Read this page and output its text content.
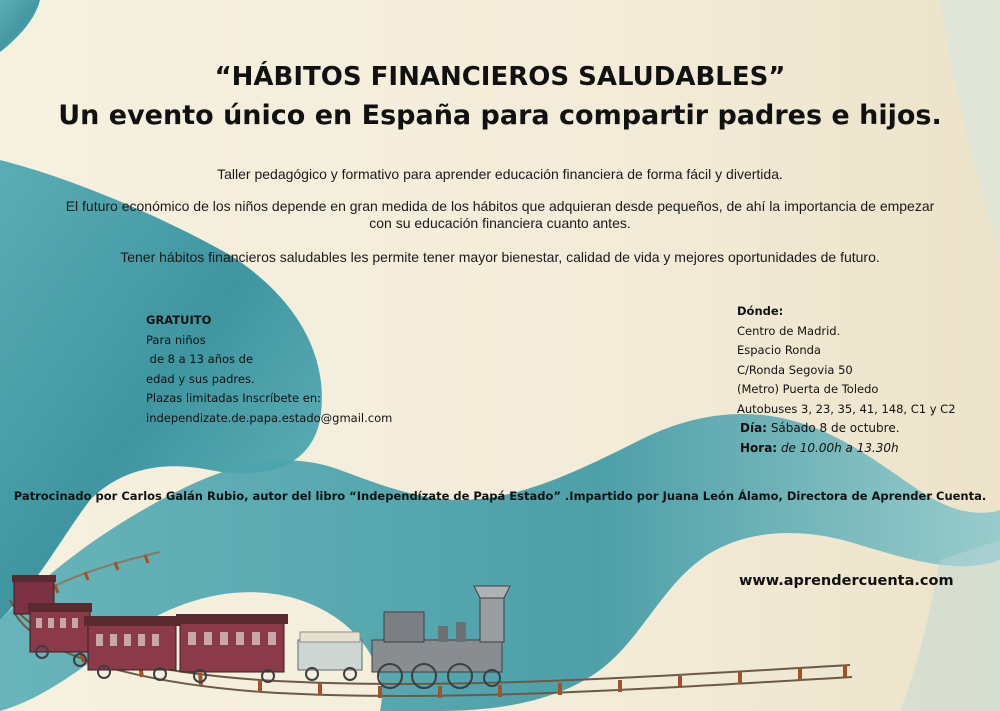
“HÁBITOS FINANCIEROS SALUDABLES”
Un evento único en España para compartir padres e hijos.
Taller pedagógico y formativo para aprender educación financiera de forma fácil y divertida.
El futuro económico de los niños depende en gran medida de los hábitos que adquieran desde pequeños, de ahí la importancia de empezar con su educación financiera cuanto antes.
Tener hábitos financieros saludables les permite tener mayor bienestar, calidad de vida y mejores oportunidades de futuro.
GRATUITO
Para niños
de 8 a 13 años de
edad y sus padres.
Plazas limitadas Inscríbete en:
independizate.de.papa.estado@gmail.com
Dónde:
Centro de Madrid.
Espacio Ronda
C/Ronda Segovia 50
(Metro) Puerta de Toledo
Autobuses 3, 23, 35, 41, 148, C1 y C2
Día: Sábado 8 de octubre.
Hora: de 10.00h a 13.30h
Patrocinado por Carlos Galán Rubio, autor del libro “Independízate de Papá Estado” .Impartido por Juana León Álamo, Directora de Aprender Cuenta.
www.aprendercuenta.com
